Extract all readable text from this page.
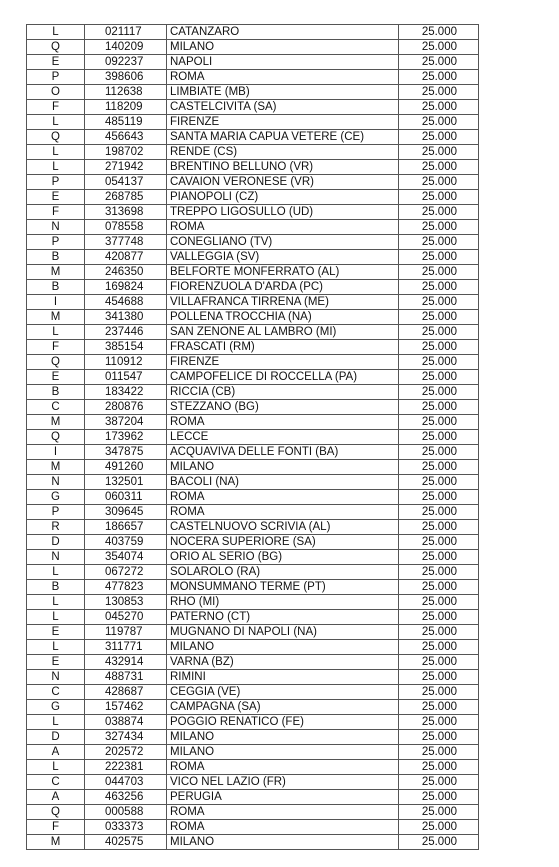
L	021117	CATANZARO	25.000
Q	140209	MILANO	25.000
E	092237	NAPOLI	25.000
P	398606	ROMA	25.000
O	112638	LIMBIATE (MB)	25.000
F	118209	CASTELCIVITA (SA)	25.000
L	485119	FIRENZE	25.000
Q	456643	SANTA MARIA CAPUA VETERE (CE)	25.000
L	198702	RENDE (CS)	25.000
L	271942	BRENTINO BELLUNO (VR)	25.000
P	054137	CAVAION VERONESE (VR)	25.000
E	268785	PIANOPOLI (CZ)	25.000
F	313698	TREPPO LIGOSULLO (UD)	25.000
N	078558	ROMA	25.000
P	377748	CONEGLIANO (TV)	25.000
B	420877	VALLEGGIA (SV)	25.000
M	246350	BELFORTE MONFERRATO (AL)	25.000
B	169824	FIORENZUOLA D'ARDA (PC)	25.000
I	454688	VILLAFRANCA TIRRENA (ME)	25.000
M	341380	POLLENA TROCCHIA (NA)	25.000
L	237446	SAN ZENONE AL LAMBRO (MI)	25.000
F	385154	FRASCATI (RM)	25.000
Q	110912	FIRENZE	25.000
E	011547	CAMPOFELICE DI ROCCELLA (PA)	25.000
B	183422	RICCIA (CB)	25.000
C	280876	STEZZANO (BG)	25.000
M	387204	ROMA	25.000
Q	173962	LECCE	25.000
I	347875	ACQUAVIVA DELLE FONTI (BA)	25.000
M	491260	MILANO	25.000
N	132501	BACOLI (NA)	25.000
G	060311	ROMA	25.000
P	309645	ROMA	25.000
R	186657	CASTELNUOVO SCRIVIA (AL)	25.000
D	403759	NOCERA SUPERIORE (SA)	25.000
N	354074	ORIO AL SERIO (BG)	25.000
L	067272	SOLAROLO (RA)	25.000
B	477823	MONSUMMANO TERME (PT)	25.000
L	130853	RHO (MI)	25.000
L	045270	PATERNO (CT)	25.000
E	119787	MUGNANO DI NAPOLI (NA)	25.000
L	311771	MILANO	25.000
E	432914	VARNA (BZ)	25.000
N	488731	RIMINI	25.000
C	428687	CEGGIA (VE)	25.000
G	157462	CAMPAGNA (SA)	25.000
L	038874	POGGIO RENATICO (FE)	25.000
D	327434	MILANO	25.000
A	202572	MILANO	25.000
L	222381	ROMA	25.000
C	044703	VICO NEL LAZIO (FR)	25.000
A	463256	PERUGIA	25.000
Q	000588	ROMA	25.000
F	033373	ROMA	25.000
M	402575	MILANO	25.000
